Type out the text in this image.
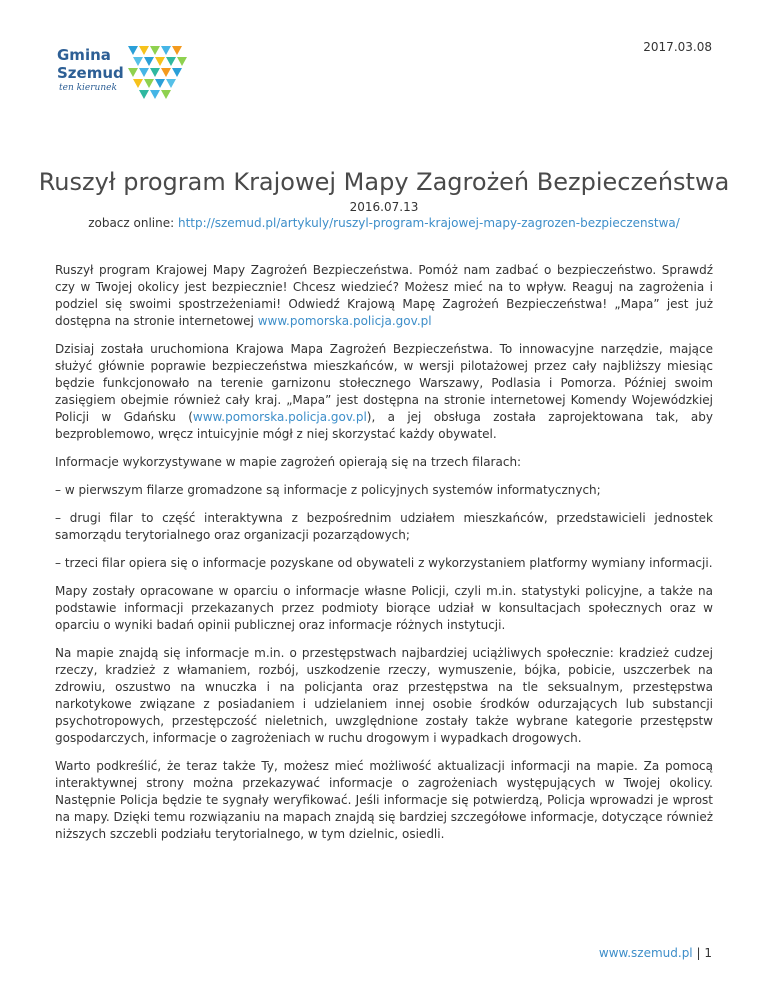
Gmina
Szemud
ten kierunek
2017.03.08
Ruszył program Krajowej Mapy Zagrożeń Bezpieczeństwa
2016.07.13
zobacz online: http://szemud.pl/artykuly/ruszyl-program-krajowej-mapy-zagrozen-bezpieczenstwa/

Ruszył program Krajowej Mapy Zagrożeń Bezpieczeństwa. Pomóż nam zadbać o bezpieczeństwo. Sprawdź czy w Twojej okolicy jest bezpiecznie! Chcesz wiedzieć? Możesz mieć na to wpływ. Reaguj na zagrożenia i podziel się swoimi spostrzeżeniami! Odwiedź Krajową Mapę Zagrożeń Bezpieczeństwa! „Mapa” jest już dostępna na stronie internetowej www.pomorska.policja.gov.pl

Dzisiaj została uruchomiona Krajowa Mapa Zagrożeń Bezpieczeństwa. To innowacyjne narzędzie, mające służyć głównie poprawie bezpieczeństwa mieszkańców, w wersji pilotażowej przez cały najbliższy miesiąc będzie funkcjonowało na terenie garnizonu stołecznego Warszawy, Podlasia i Pomorza. Później swoim zasięgiem obejmie również cały kraj. „Mapa” jest dostępna na stronie internetowej Komendy Wojewódzkiej Policji w Gdańsku (www.pomorska.policja.gov.pl), a jej obsługa została zaprojektowana tak, aby bezproblemowo, wręcz intuicyjnie mógł z niej skorzystać każdy obywatel.

Informacje wykorzystywane w mapie zagrożeń opierają się na trzech filarach:

– w pierwszym filarze gromadzone są informacje z policyjnych systemów informatycznych;

– drugi filar to część interaktywna z bezpośrednim udziałem mieszkańców, przedstawicieli jednostek samorządu terytorialnego oraz organizacji pozarządowych;

– trzeci filar opiera się o informacje pozyskane od obywateli z wykorzystaniem platformy wymiany informacji.

Mapy zostały opracowane w oparciu o informacje własne Policji, czyli m.in. statystyki policyjne, a także na podstawie informacji przekazanych przez podmioty biorące udział w konsultacjach społecznych oraz w oparciu o wyniki badań opinii publicznej oraz informacje różnych instytucji.

Na mapie znajdą się informacje m.in. o przestępstwach najbardziej uciążliwych społecznie: kradzież cudzej rzeczy, kradzież z włamaniem, rozbój, uszkodzenie rzeczy, wymuszenie, bójka, pobicie, uszczerbek na zdrowiu, oszustwo na wnuczka i na policjanta oraz przestępstwa na tle seksualnym, przestępstwa narkotykowe związane z posiadaniem i udzielaniem innej osobie środków odurzających lub substancji psychotropowych, przestępczość nieletnich, uwzględnione zostały także wybrane kategorie przestępstw gospodarczych, informacje o zagrożeniach w ruchu drogowym i wypadkach drogowych.

Warto podkreślić, że teraz także Ty, możesz mieć możliwość aktualizacji informacji na mapie. Za pomocą interaktywnej strony można przekazywać informacje o zagrożeniach występujących w Twojej okolicy. Następnie Policja będzie te sygnały weryfikować. Jeśli informacje się potwierdzą, Policja wprowadzi je wprost na mapy. Dzięki temu rozwiązaniu na mapach znajdą się bardziej szczegółowe informacje, dotyczące również niższych szczebli podziału terytorialnego, w tym dzielnic, osiedli.

www.szemud.pl | 1
